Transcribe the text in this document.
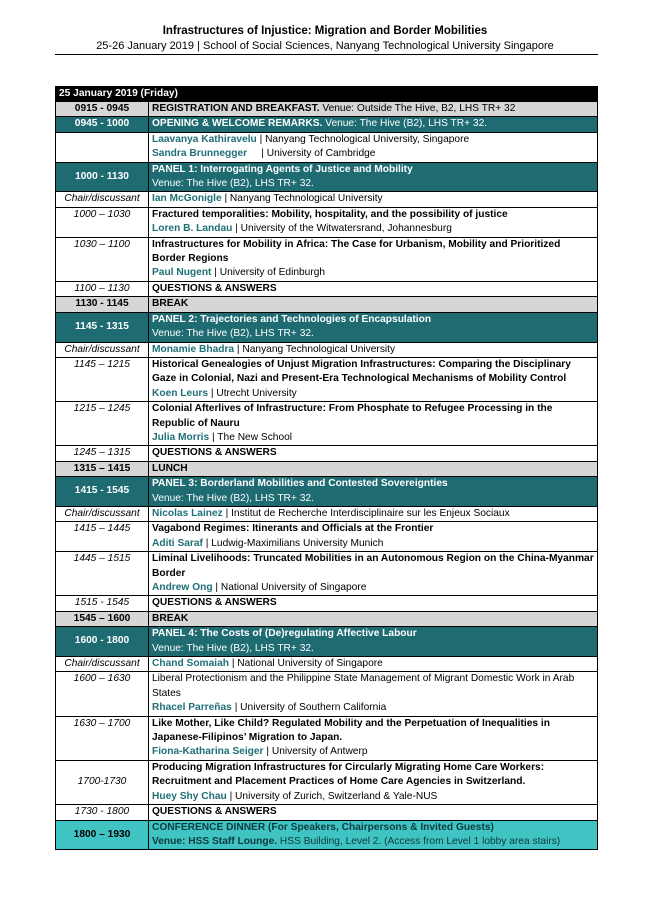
Infrastructures of Injustice: Migration and Border Mobilities
25-26 January 2019 | School of Social Sciences, Nanyang Technological University Singapore
25 January 2019 (Friday)	
0915 - 0945	REGISTRATION AND BREAKFAST. Venue: Outside The Hive, B2, LHS TR+ 32
0945 - 1000	OPENING & WELCOME REMARKS. Venue: The Hive (B2), LHS TR+ 32.

	Laavanya Kathiravelu | Nanyang Technological University, Singapore
Sandra Brunnegger     | University of Cambridge

1000 - 1130	PANEL 1: Interrogating Agents of Justice and Mobility
Venue: The Hive (B2), LHS TR+ 32.

Chair/discussant	Ian McGonigle | Nanyang Technological University
1000 – 1030	Fractured temporalities: Mobility, hospitality, and the possibility of justice
Loren B. Landau | University of the Witwatersrand, Johannesburg

1030 – 1100	Infrastructures for Mobility in Africa: The Case for Urbanism, Mobility and Prioritized Border Regions
Paul Nugent | University of Edinburgh

1100 – 1130	QUESTIONS & ANSWERS
1130 - 1145	BREAK
1145 - 1315	PANEL 2: Trajectories and Technologies of Encapsulation
Venue: The Hive (B2), LHS TR+ 32.

Chair/discussant	Monamie Bhadra | Nanyang Technological University
1145 – 1215	Historical Genealogies of Unjust Migration Infrastructures: Comparing the Disciplinary Gaze in Colonial, Nazi and Present-Era Technological Mechanisms of Mobility Control
Koen Leurs | Utrecht University

1215 – 1245	Colonial Afterlives of Infrastructure: From Phosphate to Refugee Processing in the Republic of Nauru
Julia Morris | The New School

1245 – 1315	QUESTIONS & ANSWERS
1315 – 1415	LUNCH
1415 - 1545	PANEL 3: Borderland Mobilities and Contested Sovereignties
Venue: The Hive (B2), LHS TR+ 32.

Chair/discussant	Nicolas Lainez | Institut de Recherche Interdisciplinaire sur les Enjeux Sociaux
1415 – 1445	Vagabond Regimes: Itinerants and Officials at the Frontier
Aditi Saraf | Ludwig-Maximilians University Munich

1445 – 1515	Liminal Livelihoods: Truncated Mobilities in an Autonomous Region on the China-Myanmar Border
Andrew Ong | National University of Singapore

1515 - 1545	QUESTIONS & ANSWERS
1545 – 1600	BREAK
1600 - 1800	PANEL 4: The Costs of (De)regulating Affective Labour
Venue: The Hive (B2), LHS TR+ 32.

Chair/discussant	Chand Somaiah | National University of Singapore
1600 – 1630	Liberal Protectionism and the Philippine State Management of Migrant Domestic Work in Arab States
Rhacel Parreñas | University of Southern California

1630 – 1700	Like Mother, Like Child? Regulated Mobility and the Perpetuation of Inequalities in Japanese-Filipinos’ Migration to Japan.
Fiona-Katharina Seiger | University of Antwerp

1700-1730	Producing Migration Infrastructures for Circularly Migrating Home Care Workers: Recruitment and Placement Practices of Home Care Agencies in Switzerland.
Huey Shy Chau | University of Zurich, Switzerland & Yale-NUS

1730 - 1800	QUESTIONS & ANSWERS
1800 – 1930	CONFERENCE DINNER (For Speakers, Chairpersons & Invited Guests)
Venue: HSS Staff Lounge. HSS Building, Level 2. (Access from Level 1 lobby area stairs)
